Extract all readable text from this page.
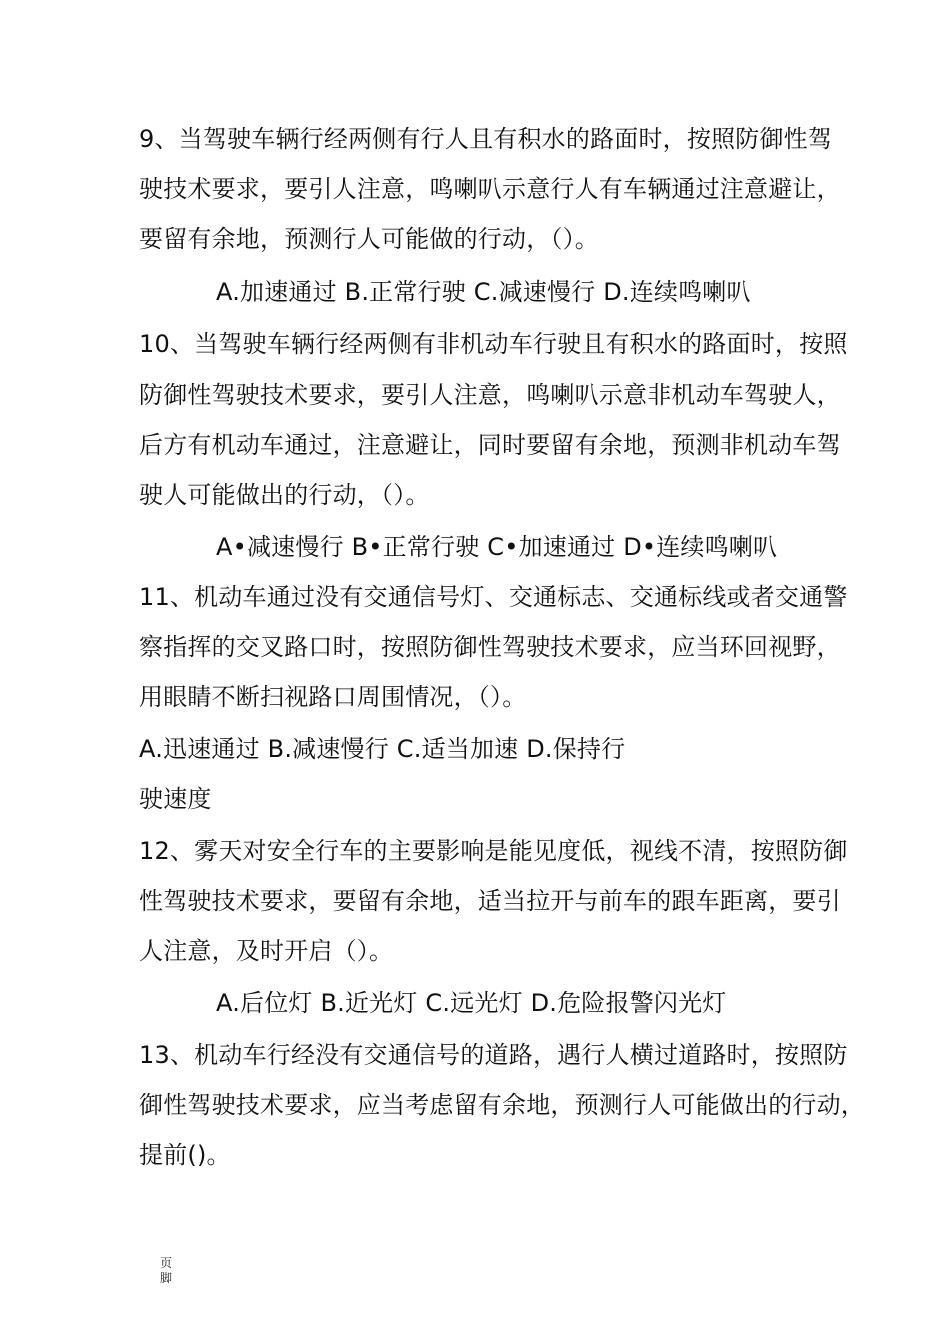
9、当驾驶车辆行经两侧有行人且有积水的路面时，按照防御性驾
驶技术要求，要引人注意，鸣喇叭示意行人有车辆通过注意避让，
要留有余地，预测行人可能做的行动，（）。
A.加速通过 B.正常行驶 C.减速慢行 D.连续鸣喇叭
10、当驾驶车辆行经两侧有非机动车行驶且有积水的路面时，按照
防御性驾驶技术要求，要引人注意，鸣喇叭示意非机动车驾驶人，
后方有机动车通过，注意避让，同时要留有余地，预测非机动车驾
驶人可能做出的行动，（）。
A•减速慢行 B•正常行驶 C•加速通过 D•连续鸣喇叭
11、机动车通过没有交通信号灯、交通标志、交通标线或者交通警
察指挥的交叉路口时，按照防御性驾驶技术要求，应当环回视野，
用眼睛不断扫视路口周围情况，（）。
A.迅速通过 B.减速慢行 C.适当加速 D.保持行
驶速度
12、雾天对安全行车的主要影响是能见度低，视线不清，按照防御
性驾驶技术要求，要留有余地，适当拉开与前车的跟车距离，要引
人注意，及时开启（）。
A.后位灯 B.近光灯 C.远光灯 D.危险报警闪光灯
13、机动车行经没有交通信号的道路，遇行人横过道路时，按照防
御性驾驶技术要求，应当考虑留有余地，预测行人可能做出的行动，
提前()。
页
脚
